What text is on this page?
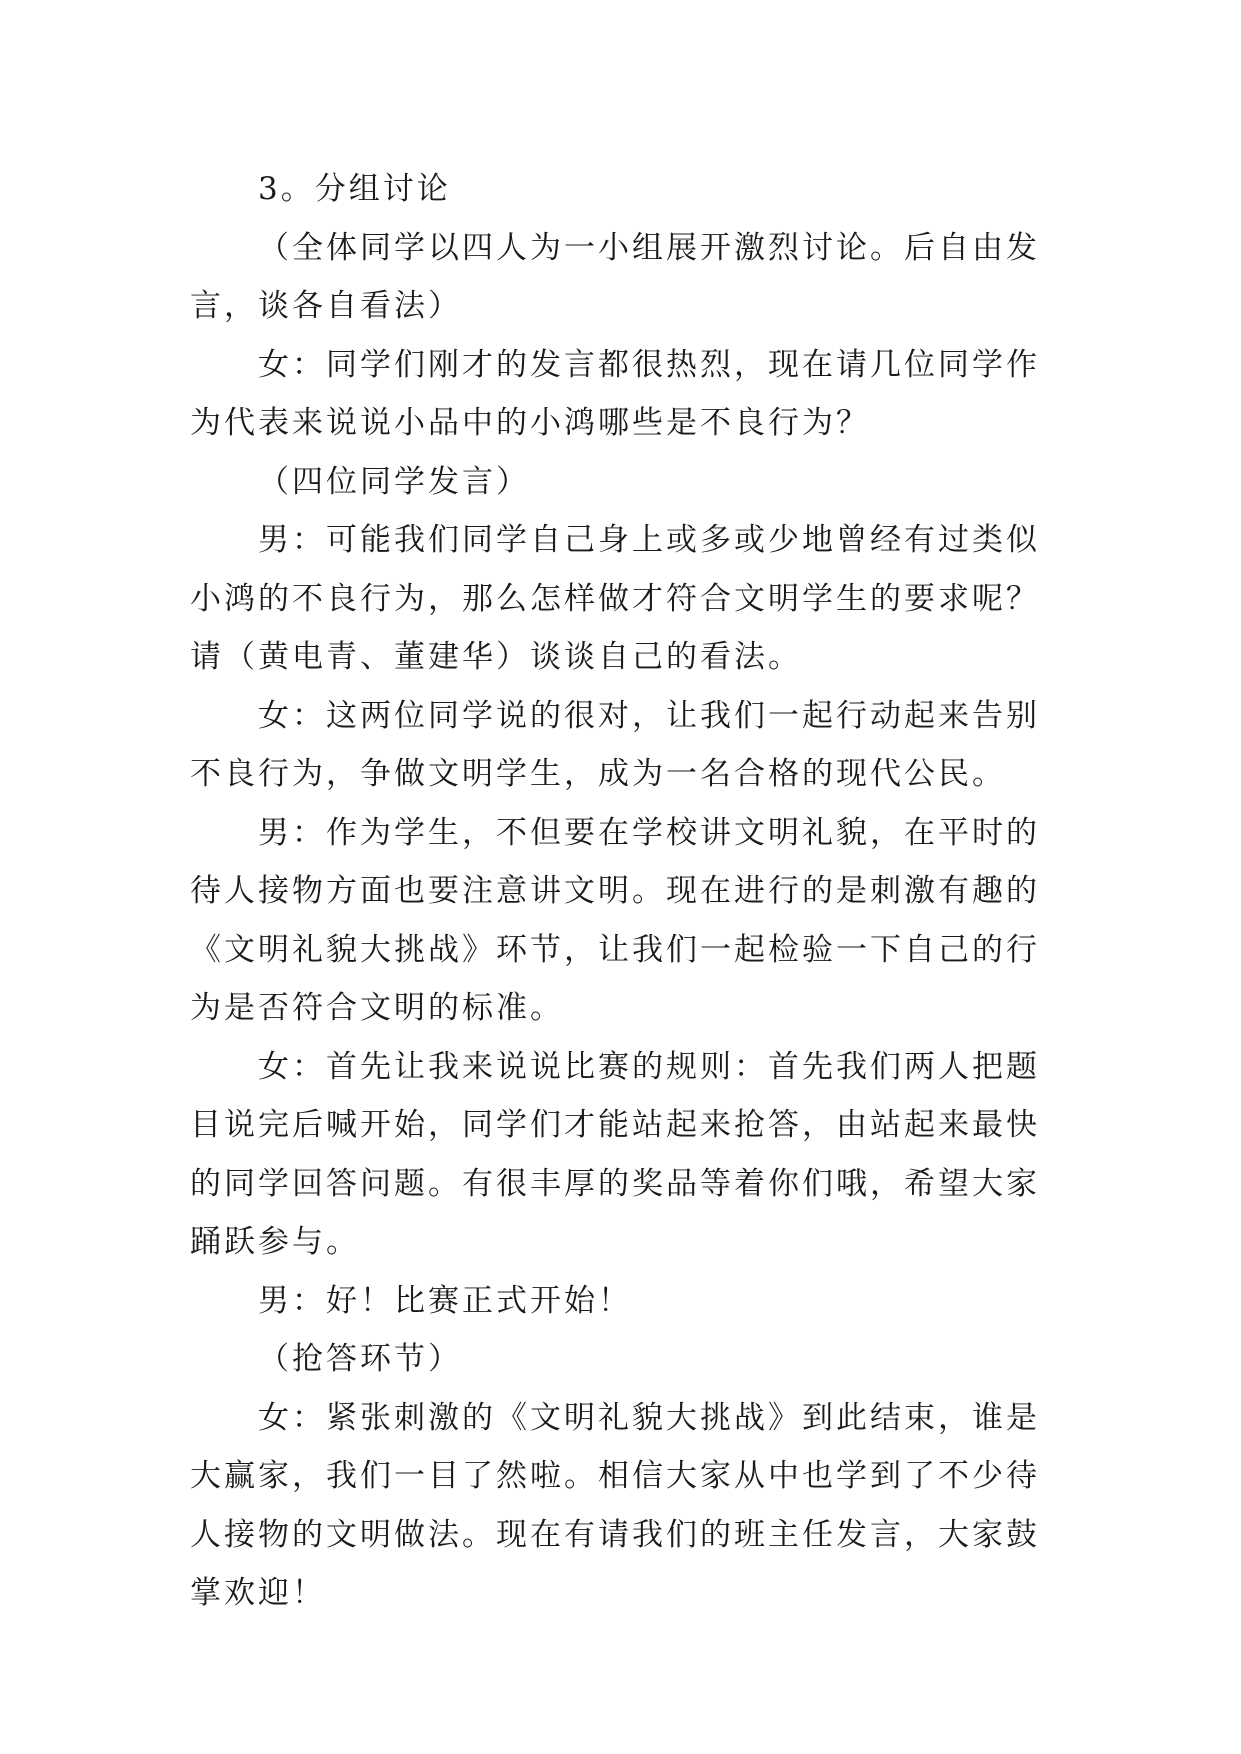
3。分组讨论

（全体同学以四人为一小组展开激烈讨论。后自由发言，谈各自看法）

女：同学们刚才的发言都很热烈，现在请几位同学作为代表来说说小品中的小鸿哪些是不良行为？

（四位同学发言）

男：可能我们同学自己身上或多或少地曾经有过类似小鸿的不良行为，那么怎样做才符合文明学生的要求呢？请（黄电青、董建华）谈谈自己的看法。

女：这两位同学说的很对，让我们一起行动起来告别不良行为，争做文明学生，成为一名合格的现代公民。

男：作为学生，不但要在学校讲文明礼貌，在平时的待人接物方面也要注意讲文明。现在进行的是刺激有趣的《文明礼貌大挑战》环节，让我们一起检验一下自己的行为是否符合文明的标准。

女：首先让我来说说比赛的规则：首先我们两人把题目说完后喊开始，同学们才能站起来抢答，由站起来最快的同学回答问题。有很丰厚的奖品等着你们哦，希望大家踊跃参与。

男：好！比赛正式开始！

（抢答环节）

女：紧张刺激的《文明礼貌大挑战》到此结束，谁是大赢家，我们一目了然啦。相信大家从中也学到了不少待人接物的文明做法。现在有请我们的班主任发言，大家鼓掌欢迎！
